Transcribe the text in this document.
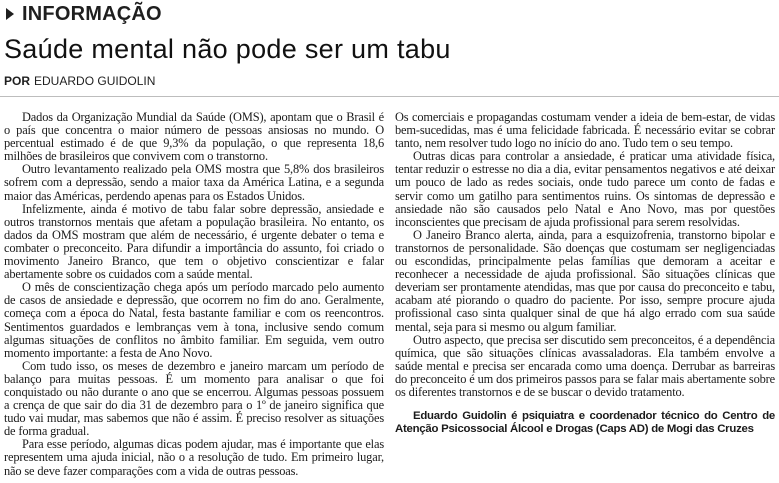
INFORMAÇÃO
Saúde mental não pode ser um tabu
POR EDUARDO GUIDOLIN

Dados da Organização Mundial da Saúde (OMS), apontam que o Brasil é o país que concentra o maior número de pessoas ansiosas no mundo. O percentual estimado é de que 9,3% da população, o que representa 18,6 milhões de brasileiros que convivem com o transtorno.

Outro levantamento realizado pela OMS mostra que 5,8% dos brasileiros sofrem com a depressão, sendo a maior taxa da América Latina, e a segunda maior das Américas, perdendo apenas para os Estados Unidos.

Infelizmente, ainda é motivo de tabu falar sobre depressão, ansiedade e outros transtornos mentais que afetam a população brasileira. No entanto, os dados da OMS mostram que além de necessário, é urgente debater o tema e combater o preconceito. Para difundir a importância do assunto, foi criado o movimento Janeiro Branco, que tem o objetivo conscientizar e falar abertamente sobre os cuidados com a saúde mental.

O mês de conscientização chega após um período marcado pelo aumento de casos de ansiedade e depressão, que ocorrem no fim do ano. Geralmente, começa com a época do Natal, festa bastante familiar e com os reencontros. Sentimentos guardados e lembranças vem à tona, inclusive sendo comum algumas situações de conflitos no âmbito familiar. Em seguida, vem outro momento importante: a festa de Ano Novo.

Com tudo isso, os meses de dezembro e janeiro marcam um período de balanço para muitas pessoas. É um momento para analisar o que foi conquistado ou não durante o ano que se encerrou. Algumas pessoas possuem a crença de que sair do dia 31 de dezembro para o 1º de janeiro significa que tudo vai mudar, mas sabemos que não é assim. É preciso resolver as situações de forma gradual.

Para esse período, algumas dicas podem ajudar, mas é importante que elas representem uma ajuda inicial, não o a resolução de tudo. Em primeiro lugar, não se deve fazer comparações com a vida de outras pessoas.

Os comerciais e propagandas costumam vender a ideia de bem-estar, de vidas bem-sucedidas, mas é uma felicidade fabricada. É necessário evitar se cobrar tanto, nem resolver tudo logo no início do ano. Tudo tem o seu tempo.

Outras dicas para controlar a ansiedade, é praticar uma atividade física, tentar reduzir o estresse no dia a dia, evitar pensamentos negativos e até deixar um pouco de lado as redes sociais, onde tudo parece um conto de fadas e servir como um gatilho para sentimentos ruins. Os sintomas de depressão e ansiedade não são causados pelo Natal e Ano Novo, mas por questões inconscientes que precisam de ajuda profissional para serem resolvidas.

O Janeiro Branco alerta, ainda, para a esquizofrenia, transtorno bipolar e transtornos de personalidade. São doenças que costumam ser negligenciadas ou escondidas, principalmente pelas famílias que demoram a aceitar e reconhecer a necessidade de ajuda profissional. São situações clínicas que deveriam ser prontamente atendidas, mas que por causa do preconceito e tabu, acabam até piorando o quadro do paciente. Por isso, sempre procure ajuda profissional caso sinta qualquer sinal de que há algo errado com sua saúde mental, seja para si mesmo ou algum familiar.

Outro aspecto, que precisa ser discutido sem preconceitos, é a dependência química, que são situações clínicas avassaladoras. Ela também envolve a saúde mental e precisa ser encarada como uma doença. Derrubar as barreiras do preconceito é um dos primeiros passos para se falar mais abertamente sobre os diferentes transtornos e de se buscar o devido tratamento.

Eduardo Guidolin é psiquiatra e coordenador técnico do Centro de Atenção Psicossocial Álcool e Drogas (Caps AD) de Mogi das Cruzes
